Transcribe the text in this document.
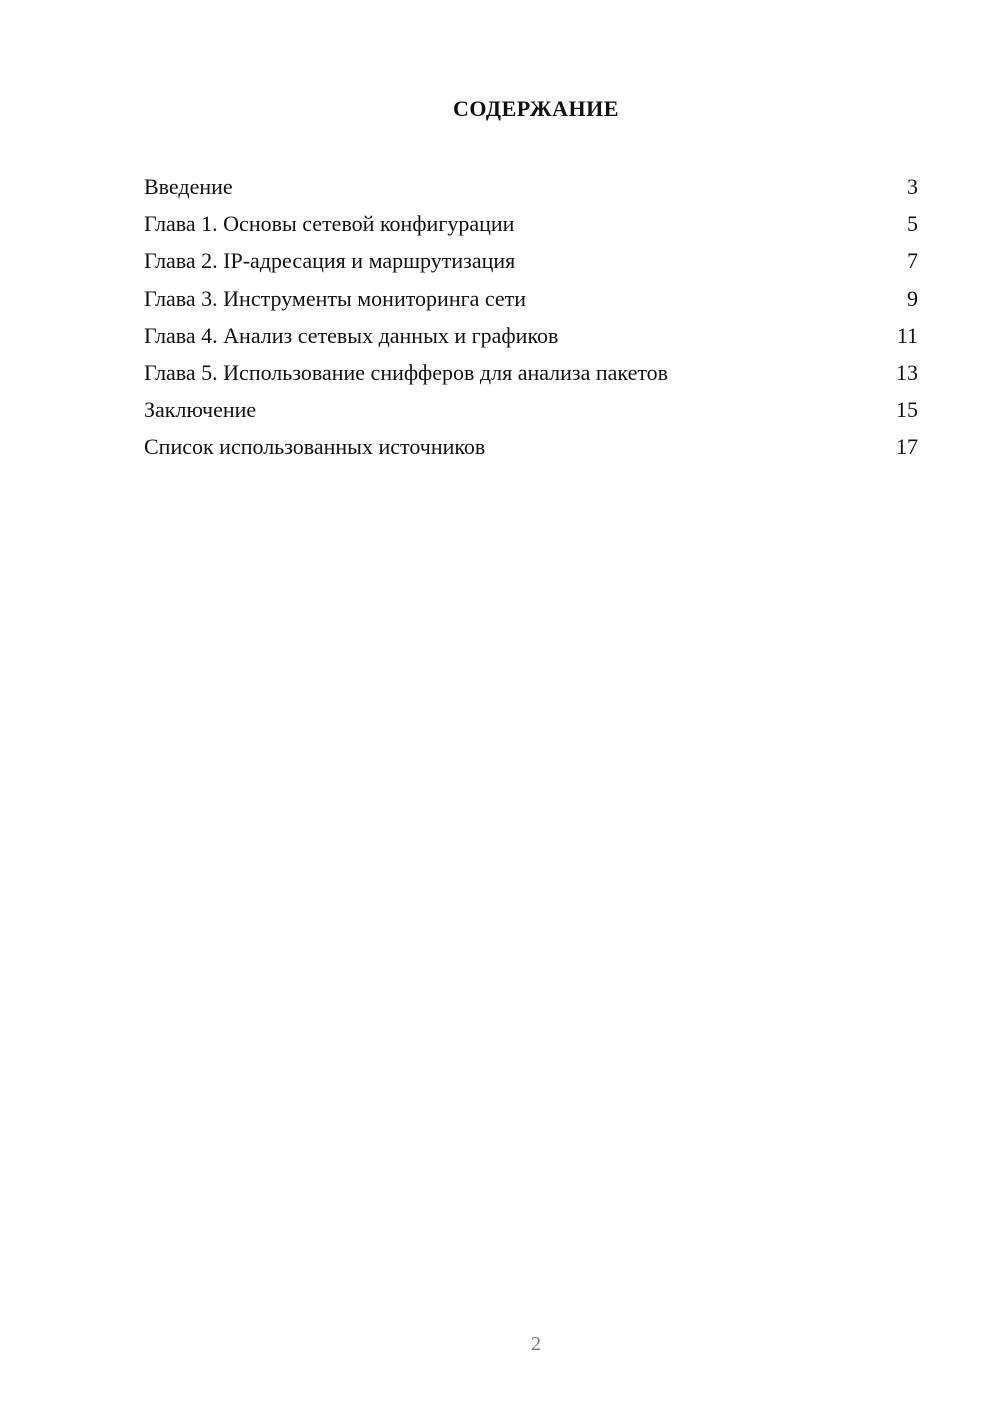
СОДЕРЖАНИЕ
Введение	3
Глава 1. Основы сетевой конфигурации	5
Глава 2. IP-адресация и маршрутизация	7
Глава 3. Инструменты мониторинга сети	9
Глава 4. Анализ сетевых данных и графиков	11
Глава 5. Использование снифферов для анализа пакетов	13
Заключение	15
Список использованных источников	17
2
